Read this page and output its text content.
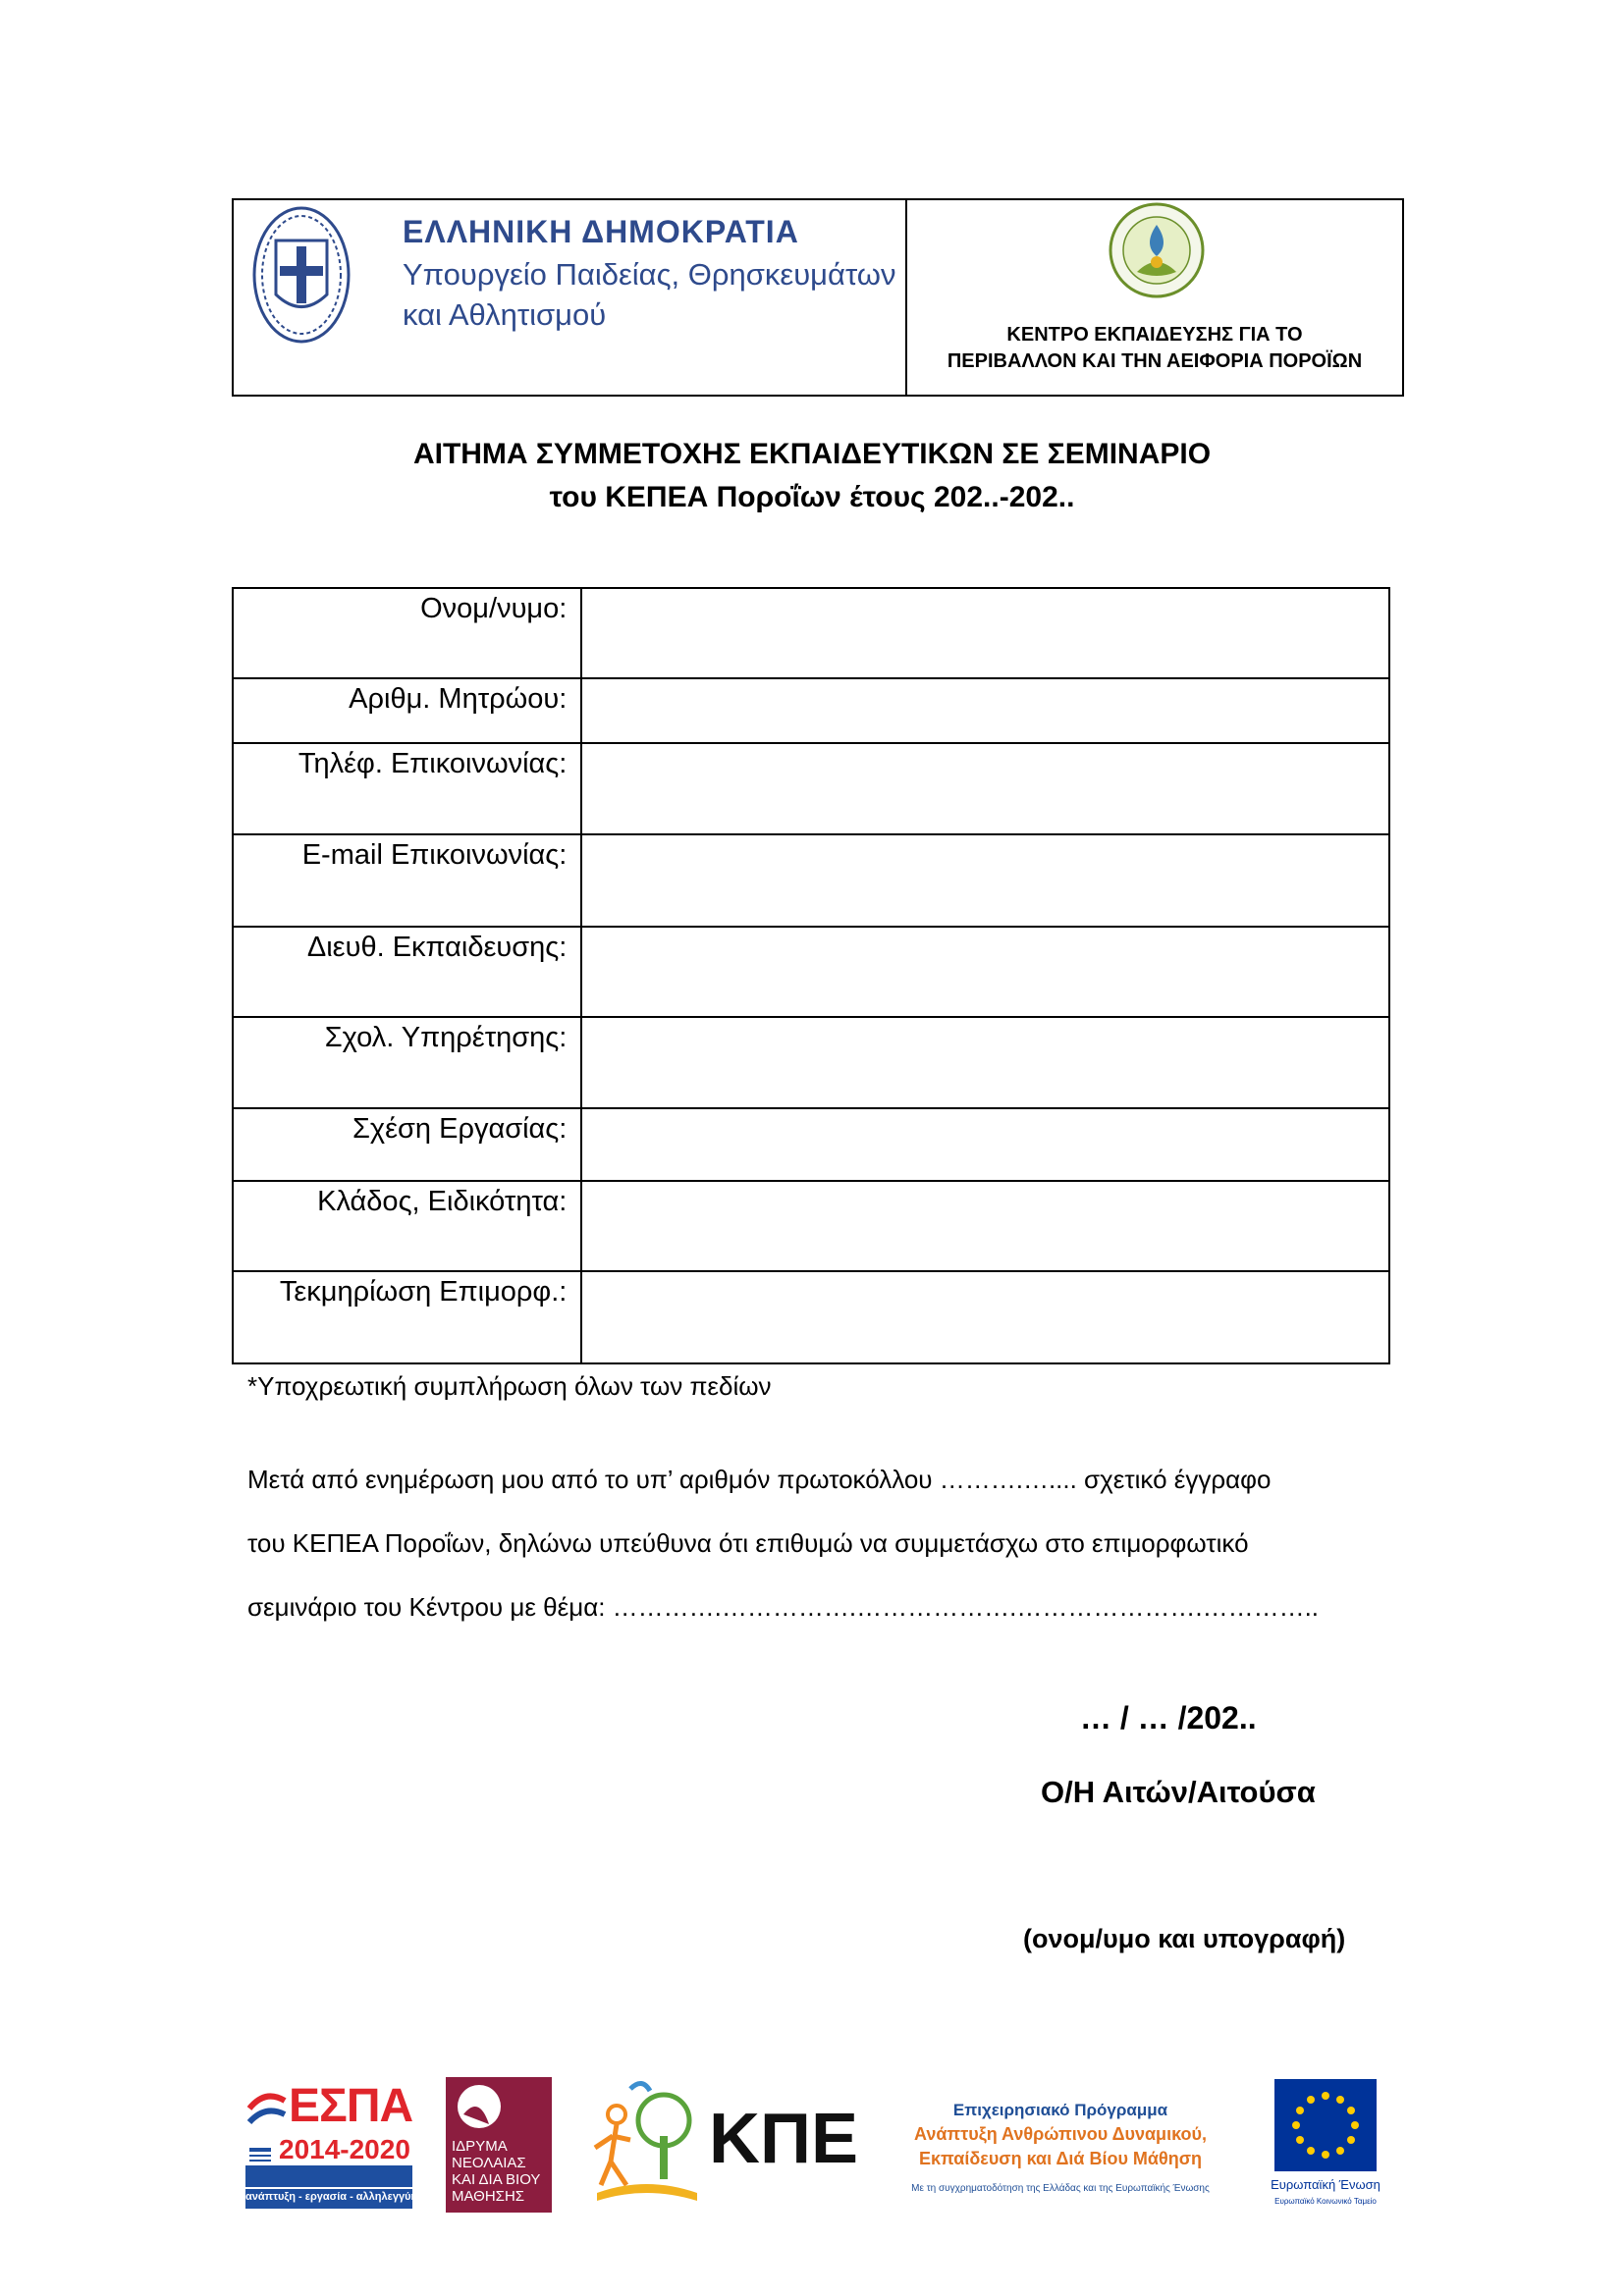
ΕΛΛΗΝΙΚΗ ΔΗΜΟΚΡΑΤΙΑ
Υπουργείο Παιδείας, Θρησκευμάτων
και Αθλητισμού
ΚΕΝΤΡΟ ΕΚΠΑΙΔΕΥΣΗΣ ΓΙΑ ΤΟ
ΠΕΡΙΒΑΛΛΟΝ ΚΑΙ ΤΗΝ ΑΕΙΦΟΡΙΑ ΠΟΡΟΪΩΝ
ΑΙΤΗΜΑ ΣΥΜΜΕΤΟΧΗΣ ΕΚΠΑΙΔΕΥΤΙΚΩΝ ΣΕ ΣΕΜΙΝΑΡΙΟ
του ΚΕΠΕΑ Ποροΐων έτους 202..-202..
Ονομ/νυμο:	
Αριθμ. Μητρώου:	
Τηλέφ. Επικοινωνίας:	
E-mail Επικοινωνίας:	
Διευθ. Εκπαιδευσης:	
Σχολ. Υπηρέτησης:	
Σχέση Εργασίας:	
Κλάδος, Ειδικότητα:	
Τεκμηρίωση Επιμορφ.:	
*Υποχρεωτική συμπλήρωση όλων των πεδίων
Μετά από ενημέρωση μου από το υπ’ αριθμόν πρωτοκόλλου ……….….... σχετικό έγγραφο
του ΚΕΠΕΑ Ποροΐων, δηλώνω υπεύθυνα ότι επιθυμώ να συμμετάσχω στο επιμορφωτικό
σεμινάριο του Κέντρου με θέμα: ………….…………….……………….………………….…………..
… / … /202..
Ο/Η Αιτών/Αιτούσα
(ονομ/υμο και υπογραφή)
ΕΣΠΑ
2014-2020
ανάπτυξη - εργασία - αλληλεγγύη
ΙΔΡΥΜΑ
ΝΕΟΛΑΙΑΣ
ΚΑΙ ΔΙΑ ΒΙΟΥ
ΜΑΘΗΣΗΣ
ΚΠΕ	Επιχειρησιακό Πρόγραμμα
Ανάπτυξη Ανθρώπινου Δυναμικού,
Εκπαίδευση και Διά Βίου Μάθηση
Με τη συγχρηματοδότηση της Ελλάδας και της Ευρωπαϊκής Ένωσης	Ευρωπαϊκή Ένωση
Ευρωπαϊκό Κοινωνικό Ταμείο
